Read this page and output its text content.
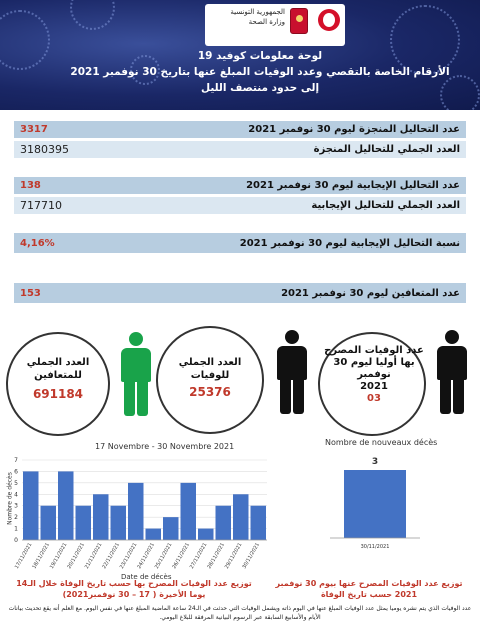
الجمهورية التونسية
وزارة الصحة
لوحة معلومات كوفيد 19
الأرقام الخاصة بالتقصي وعدد الوفيات المبلغ عنها بتاريخ 30 نوفمبر 2021
إلى حدود منتصف الليل
عدد التحاليل المنجزة ليوم 30 نوفمبر 2021
3317
العدد الجملي للتحاليل المنجزة
3180395
عدد التحاليل الإيجابية ليوم 30 نوفمبر 2021
138
العدد الجملي للتحاليل الإيجابية
717710
نسبة التحاليل الإيجابية ليوم 30 نوفمبر 2021
4,16%
عدد المتعافين ليوم 30 نوفمبر 2021
153
العدد الجملي للمتعافين
691184
العدد الجملي للوفيات
25376
عدد الوفيات المصرح
بها أوليا ليوم 30
نوفمبر
2021
03
17 Novembre - 30 Novembre 2021
0
1
2
3
4
5
6
7
17/11/2021
18/11/2021
19/11/2021
20/11/2021
21/11/2021
22/11/2021
23/11/2021
24/11/2021
25/11/2021
26/11/2021
27/11/2021
28/11/2021
29/11/2021
30/11/2021
Date de décès
Nombre de décès
Nombre de nouveaux décès
3
30/11/2021
توزيع عدد الوفيات المصرح بها حسب تاريخ الوفاة خلال الـ14 يوما الأخيرة ( 17 – 30 نوفمبر2021)
توزيع عدد الوفيات المصرح عنها بيوم 30 نوفمبر 2021 حسب تاريخ الوفاة
عدد الوفيات الذي يتم نشره يوميا يمثل عدد الوفيات المبلغ عنها في اليوم ذاته ويشمل الوفيات التي حدثت في الـ24 ساعة الماضية المبلغ عنها في نفس اليوم. مع العلم أنه يقع تحديث بيانات الأيام والأسابيع السابقة عبر الرسوم البيانية المرفقة للبلاغ اليومي.
